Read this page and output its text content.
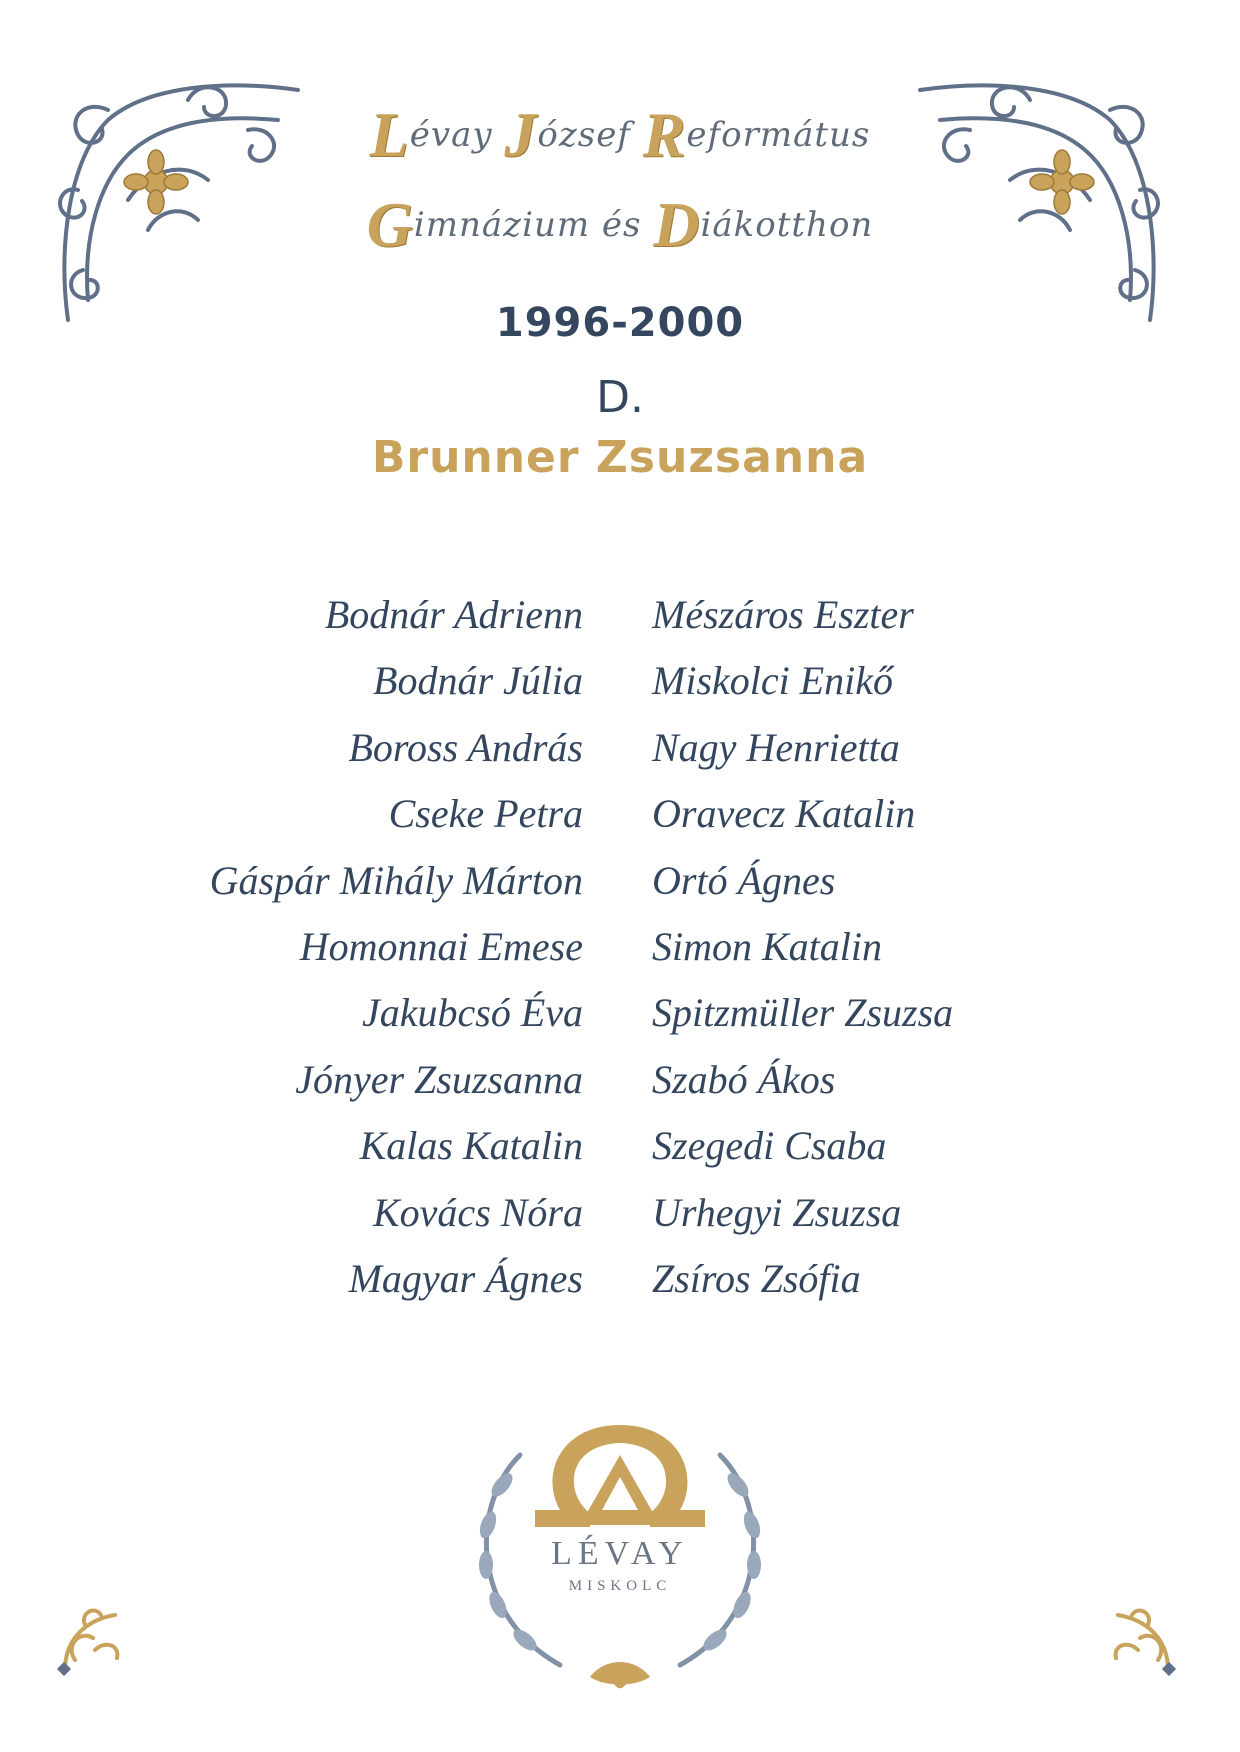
Lévay József Református
Gimnázium és Diákotthon
1996-2000
D.
Brunner Zsuzsanna
Bodnár Adrienn
Bodnár Júlia
Boross András
Cseke Petra
Gáspár Mihály Márton
Homonnai Emese
Jakubcsó Éva
Jónyer Zsuzsanna
Kalas Katalin
Kovács Nóra
Magyar Ágnes
Mészáros Eszter
Miskolci Enikő
Nagy Henrietta
Oravecz Katalin
Ortó Ágnes
Simon Katalin
Spitzmüller Zsuzsa
Szabó Ákos
Szegedi Csaba
Urhegyi Zsuzsa
Zsíros Zsófia
LÉVAY
MISKOLC
